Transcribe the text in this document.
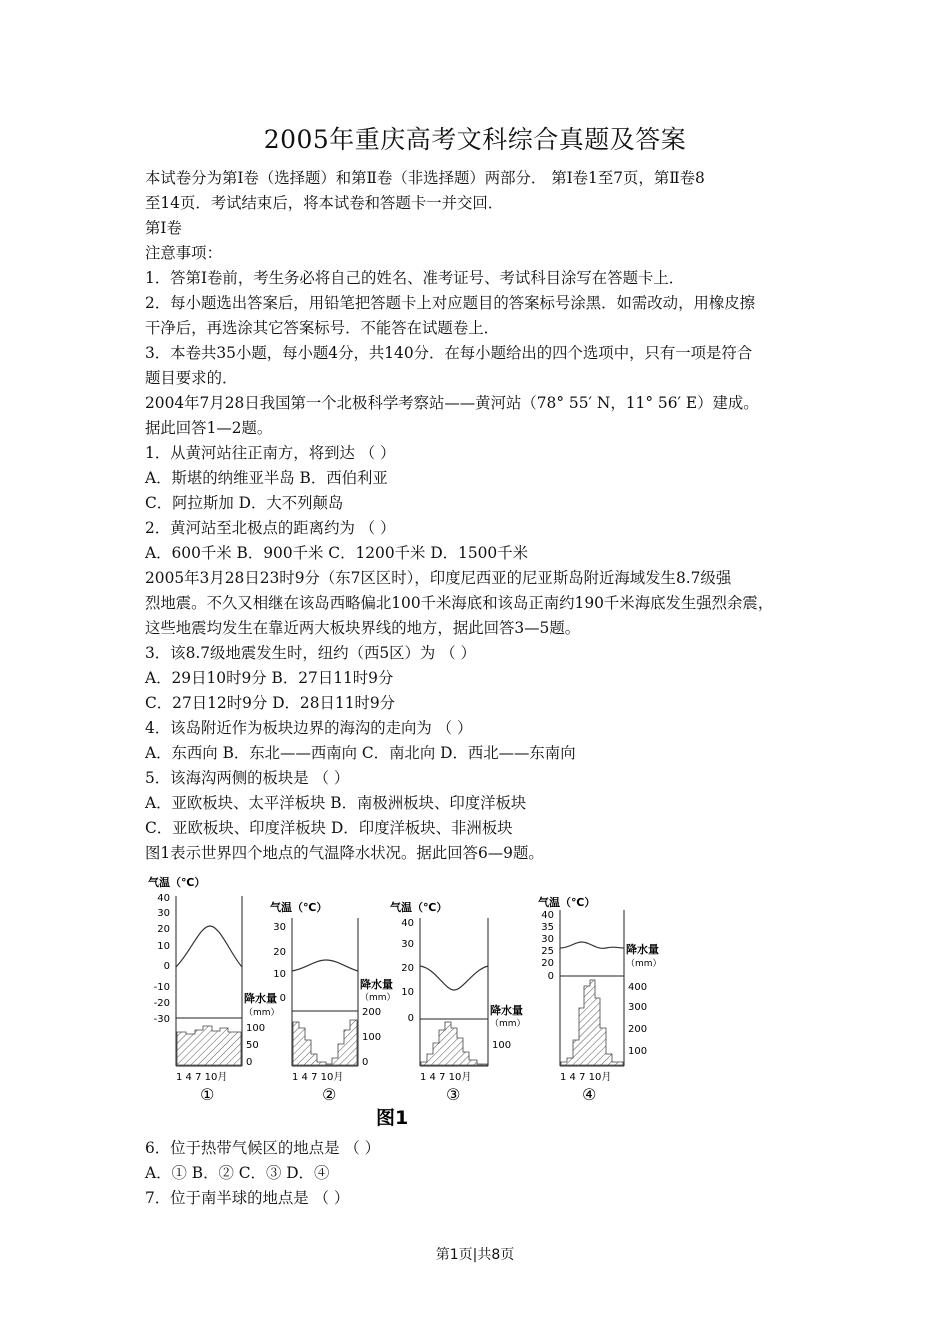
2005年重庆高考文科综合真题及答案
本试卷分为第Ⅰ卷（选择题）和第Ⅱ卷（非选择题）两部分． 第Ⅰ卷1至7页，第Ⅱ卷8
至14页．考试结束后，将本试卷和答题卡一并交回．
第Ⅰ卷
注意事项：
1．答第Ⅰ卷前，考生务必将自己的姓名、准考证号、考试科目涂写在答题卡上．
2．每小题选出答案后，用铅笔把答题卡上对应题目的答案标号涂黑．如需改动，用橡皮擦
干净后，再选涂其它答案标号．不能答在试题卷上．
3．本卷共35小题，每小题4分，共140分．在每小题给出的四个选项中，只有一项是符合
题目要求的．
2004年7月28日我国第一个北极科学考察站——黄河站（78° 55′ N，11° 56′ E）建成。
据此回答1—2题。
1．从黄河站往正南方，将到达 （ ）
A．斯堪的纳维亚半岛 B．西伯利亚
C．阿拉斯加 D．大不列颠岛
2．黄河站至北极点的距离约为 （ ）
A．600千米 B．900千米 C．1200千米 D．1500千米
2005年3月28日23时9分（东7区区时），印度尼西亚的尼亚斯岛附近海域发生8.7级强
烈地震。不久又相继在该岛西略偏北100千米海底和该岛正南约190千米海底发生强烈余震，
这些地震均发生在靠近两大板块界线的地方，据此回答3—5题。
3．该8.7级地震发生时，纽约（西5区）为 （ ）
A．29日10时9分 B．27日11时9分
C．27日12时9分 D．28日11时9分
4．该岛附近作为板块边界的海沟的走向为 （ ）
A．东西向 B．东北——西南向 C．南北向 D．西北——东南向
5．该海沟两侧的板块是 （ ）
A．亚欧板块、太平洋板块 B．南极洲板块、印度洋板块
C．亚欧板块、印度洋板块 D．印度洋板块、非洲板块
图1表示世界四个地点的气温降水状况。据此回答6—9题。
气温（℃）
40
30
20
10
0
-10
-20
-30
降水量
（mm）
100
50
0
1 4 7 10月
①
气温（℃）
30
20
10
0
降水量
（mm）
200
100
0
1 4 7 10月
②
气温（℃）
40
30
20
10
0
降水量
（mm）
100
1 4 7 10月
③
气温（℃）
40
35
30
25
20
0
降水量
（mm）
400
300
200
100
1 4 7 10月
④
图1
6．位于热带气候区的地点是 （ ）
A．① B．② C．③ D．④
7．位于南半球的地点是 （ ）
第1页|共8页
